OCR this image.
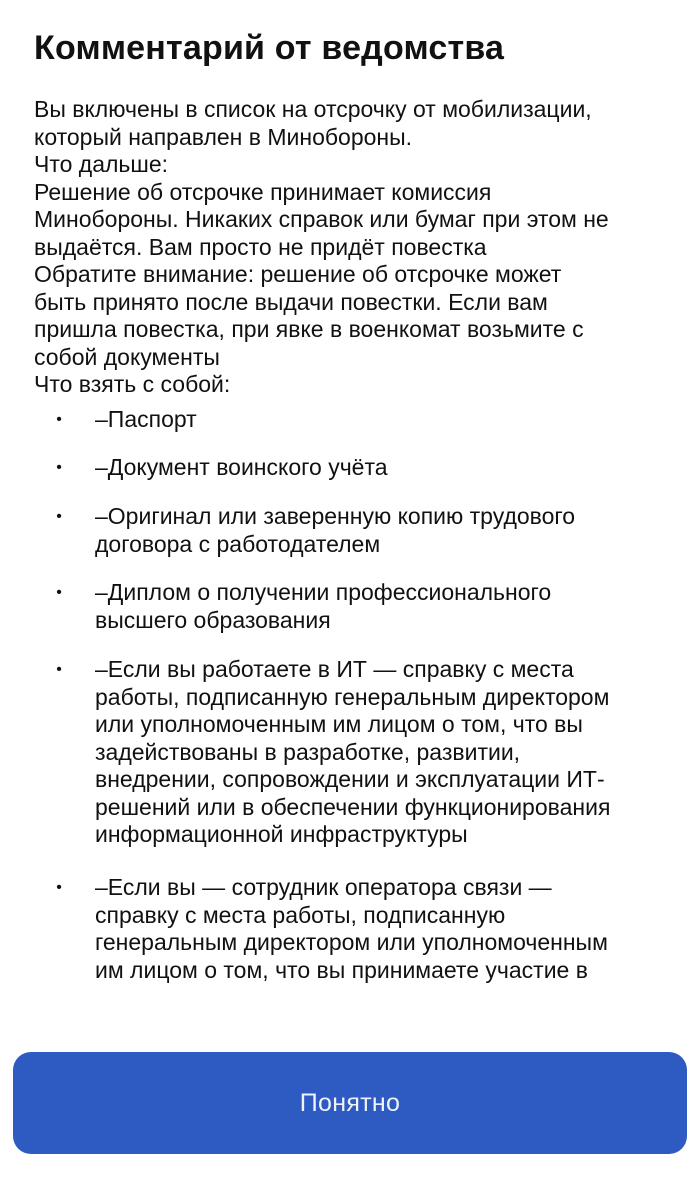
Комментарий от ведомства
Вы включены в список на отсрочку от мобилизации,
который направлен в Минобороны.
Что дальше:
Решение об отсрочке принимает комиссия
Минобороны. Никаких справок или бумаг при этом не
выдаётся. Вам просто не придёт повестка
Обратите внимание: решение об отсрочке может
быть принято после выдачи повестки. Если вам
пришла повестка, при явке в военкомат возьмите с
собой документы
Что взять с собой:
• –Паспорт
• –Документ воинского учёта
• –Оригинал или заверенную копию трудового
договора с работодателем
• –Диплом о получении профессионального
высшего образования
• –Если вы работаете в ИТ — справку с места
работы, подписанную генеральным директором
или уполномоченным им лицом о том, что вы
задействованы в разработке, развитии,
внедрении, сопровождении и эксплуатации ИТ-
решений или в обеспечении функционирования
информационной инфраструктуры
• –Если вы — сотрудник оператора связи —
справку с места работы, подписанную
генеральным директором или уполномоченным
им лицом о том, что вы принимаете участие в
Понятно
